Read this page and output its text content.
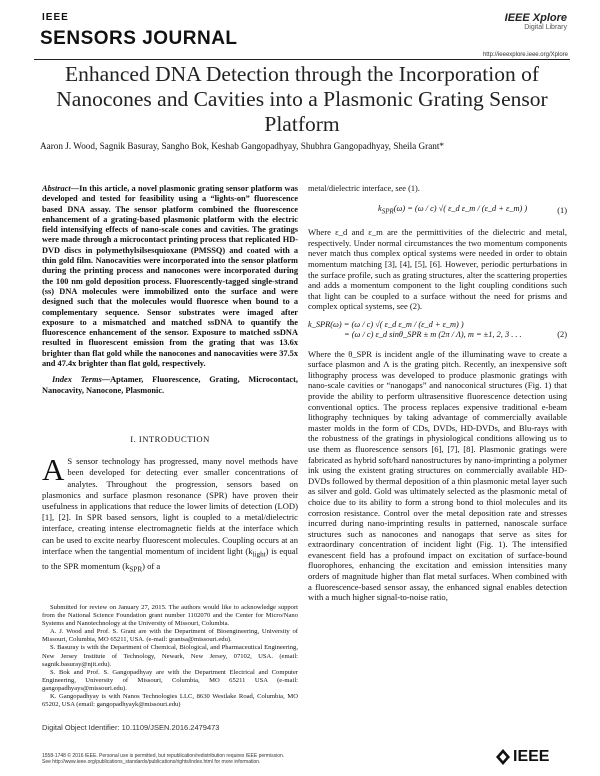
IEEE
SENSORS JOURNAL
IEEE Xplore
Digital Library
http://ieeexplore.ieee.org/Xplore
Enhanced DNA Detection through the Incorporation of Nanocones and Cavities into a Plasmonic Grating Sensor Platform
Aaron J. Wood, Sagnik Basuray, Sangho Bok, Keshab Gangopadhyay, Shubhra Gangopadhyay, Sheila Grant*

Abstract—In this article, a novel plasmonic grating sensor platform was developed and tested for feasibility using a “lights-on” fluorescence based DNA assay. The sensor platform combined the fluorescence enhancement of a grating-based plasmonic platform with the electric field intensifying effects of nano-scale cones and cavities. The gratings were made through a microcontact printing process that replicated HD-DVD discs in polymethylsilsesquioxane (PMSSQ) and coated with a thin gold film. Nanocavities were incorporated into the sensor platform during the printing process and nanocones were incorporated during the 100 nm gold deposition process. Fluorescently-tagged single-strand (ss) DNA molecules were immobilized onto the surface and were designed such that the molecules would fluoresce when bound to a complementary sequence. Sensor substrates were imaged after exposure to a mismatched and matched ssDNA to quantify the fluorescence enhancement of the sensor. Exposure to matched ssDNA resulted in fluorescent emission from the grating that was 13.6x brighter than flat gold while the nanocones and nanocavities were 37.5x and 47.4x brighter than flat gold, respectively.

Index Terms—Aptamer, Fluorescence, Grating, Microcontact, Nanocavity, Nanocone, Plasmonic.

I. INTRODUCTION

A S sensor technology has progressed, many novel methods have been developed for detecting ever smaller concentrations of analytes. Throughout the progression, sensors based on plasmonics and surface plasmon resonance (SPR) have proven their usefulness in applications that reduce the lower limits of detection (LOD) [1], [2]. In SPR based sensors, light is coupled to a metal/dielectric interface, creating intense electromagnetic fields at the interface which can be used to excite nearby fluorescent molecules. Coupling occurs at an interface when the tangential momentum of incident light $(k_{light})$ is equal to the SPR momentum $(k_{SPR})$ of a

metal/dielectric interface, see (1).

$k_{SPR}(\omega) = (\omega / c)$ √( ε_d ε_m / (ε_d + ε_m) )	(1)

Where ε_d and ε_m are the permittivities of the dielectric and metal, respectively. Under normal circumstances the two momentum components never match thus complex optical systems were needed in order to obtain momentum matching [3], [4], [5], [6]. However, periodic perturbations in the surface profile, such as grating structures, alter the scattering properties and adds a momentum component to the light coupling conditions such that light can be coupled to a surface without the need for prisms and complex optical systems, see (2).

k_SPR(ω) = (ω / c) √( ε_d ε_m / (ε_d + ε_m) )
= (ω / c) ε_d sinθ_SPR ± m (2π / Λ), m = ±1, 2, 3 . . .	(2)

Where the θ_SPR is incident angle of the illuminating wave to create a surface plasmon and Λ is the grating pitch. Recently, an inexpensive soft lithography process was developed to produce plasmonic gratings with nano-scale cavities or “nanogaps” and nanoconical structures (Fig. 1) that provide the ability to perform ultrasensitive fluorescence detection using conventional optics. The process replaces expensive traditional e-beam lithography techniques by taking advantage of commercially available master molds in the form of CDs, DVDs, HD-DVDs, and Blu-rays with the robustness of the gratings in physiological conditions allowing us to use them as fluorescence sensors [6], [7], [8]. Plasmonic gratings were fabricated as hybrid soft/hard nanostructures by nano-imprinting a polymer ink using the existent grating structures on commercially available HD-DVDs followed by thermal deposition of a thin plasmonic metal layer such as silver and gold. Gold was ultimately selected as the plasmonic metal of choice due to its ability to form a strong bond to thiol molecules and its corrosion resistance. Control over the metal deposition rate and stresses incurred during nano-imprinting results in patterned, nanoscale surface structures such as nanocones and nanogaps that serve as sites for extraordinary concentration of incident light (Fig. 1). The intensified evanescent field has a profound impact on excitation of surface-bound fluorophores, enhancing the excitation and emission intensities many orders of magnitude higher than flat metal surfaces. When combined with a fluorescence-based sensor assay, the enhanced signal enables detection with a much higher signal-to-noise ratio,

Submitted for review on January 27, 2015. The authors would like to acknowledge support from the National Science Foundation grant number 1102070 and the Center for Micro/Nano Systems and Nanotechnology at the University of Missouri, Columbia.

A. J. Wood and Prof. S. Grant are with the Department of Bioengineering, University of Missouri, Columbia, MO 65211, USA. (e-mail: grantsa@missouri.edu).

S. Basuray is with the Department of Chemical, Biological, and Pharmaceutical Engineering, New Jersey Institute of Technology, Newark, New Jersey, 07102, USA. (email: sagnik.basuray@njit.edu).

S. Bok and Prof. S. Gangopadhyay are with the Department Electrical and Computer Engineering, University of Missouri, Columbia, MO 65211 USA (e-mail: gangopadhyays@missouri.edu).

K. Gangopadhyay is with Nanos Technologies LLC, 8630 Westlake Road, Columbia, MO 65202, USA (email: gangopadhyayk@missouri.edu)

Digital Object Identifier: 10.1109/JSEN.2016.2479473
1558-1748 © 2016 IEEE. Personal use is permitted, but republication/redistribution requires IEEE permission.
See http://www.ieee.org/publications_standards/publications/rights/index.html for more information.	IEEE
